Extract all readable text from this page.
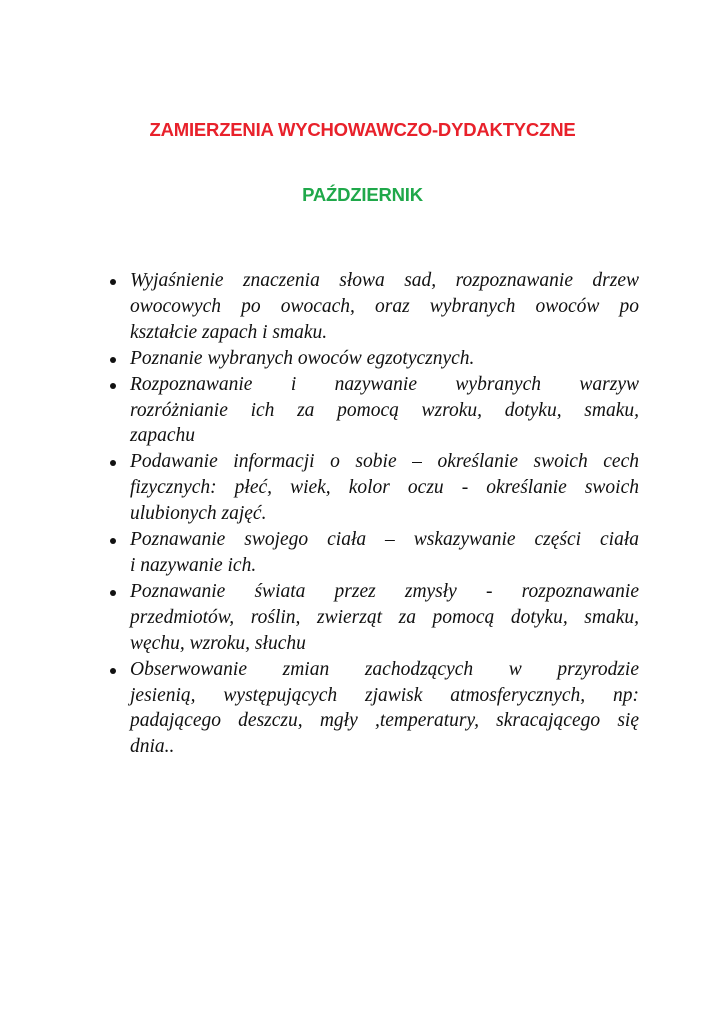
ZAMIERZENIA WYCHOWAWCZO-DYDAKTYCZNE
PAŹDZIERNIK
Wyjaśnienie znaczenia słowa sad, rozpoznawanie drzew
owocowych po owocach, oraz wybranych owoców po
kształcie zapach i smaku.
Poznanie wybranych owoców egzotycznych.
Rozpoznawanie i nazywanie wybranych warzyw
rozróżnianie ich za pomocą wzroku, dotyku, smaku,
zapachu
Podawanie informacji o sobie – określanie swoich cech
fizycznych: płeć, wiek, kolor oczu - określanie swoich
ulubionych zajęć.
Poznawanie swojego ciała – wskazywanie części ciała
i nazywanie ich.
Poznawanie świata przez zmysły - rozpoznawanie
przedmiotów, roślin, zwierząt za pomocą dotyku, smaku,
węchu, wzroku, słuchu
Obserwowanie zmian zachodzących w przyrodzie
jesienią, występujących zjawisk atmosferycznych, np:
padającego deszczu, mgły ,temperatury, skracającego się
dnia..
